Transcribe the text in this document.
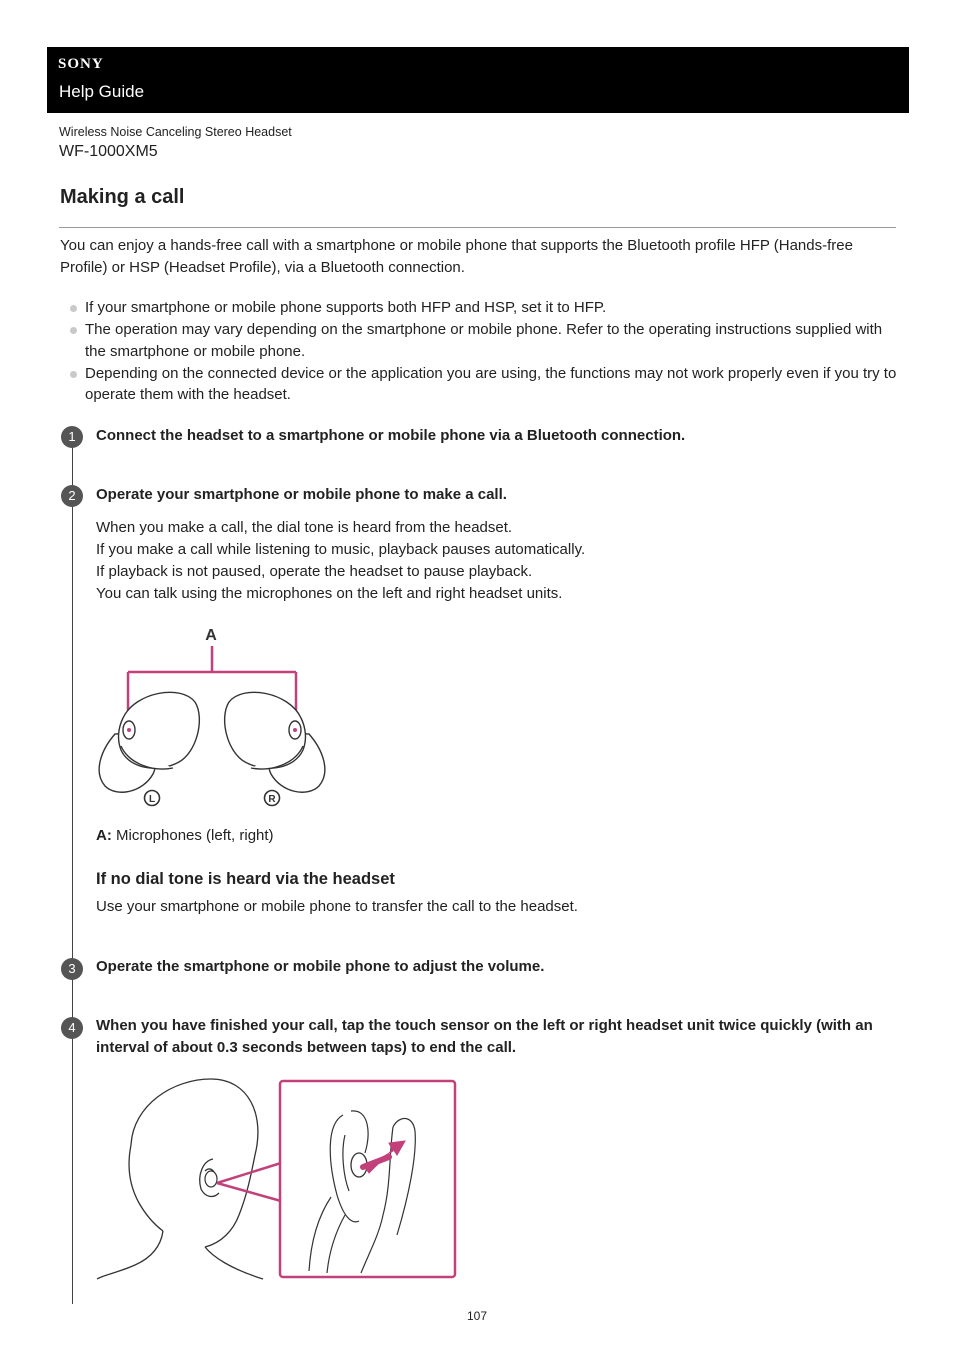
SONY
Help Guide
Wireless Noise Canceling Stereo Headset
WF-1000XM5
Making a call

You can enjoy a hands-free call with a smartphone or mobile phone that supports the Bluetooth profile HFP (Hands-free Profile) or HSP (Headset Profile), via a Bluetooth connection.

If your smartphone or mobile phone supports both HFP and HSP, set it to HFP.
The operation may vary depending on the smartphone or mobile phone. Refer to the operating instructions supplied with the smartphone or mobile phone.
Depending on the connected device or the application you are using, the functions may not work properly even if you try to operate them with the headset.
1	Connect the headset to a smartphone or mobile phone via a Bluetooth connection.

2	Operate your smartphone or mobile phone to make a call.

When you make a call, the dial tone is heard from the headset.
If you make a call while listening to music, playback pauses automatically.
If playback is not paused, operate the headset to pause playback.
You can talk using the microphones on the left and right headset units.
A
L	R
A: Microphones (left, right)
If no dial tone is heard via the headset
Use your smartphone or mobile phone to transfer the call to the headset.
3	Operate the smartphone or mobile phone to adjust the volume.

4	When you have finished your call, tap the touch sensor on the left or right headset unit twice quickly (with an interval of about 0.3 seconds between taps) to end the call.

107
